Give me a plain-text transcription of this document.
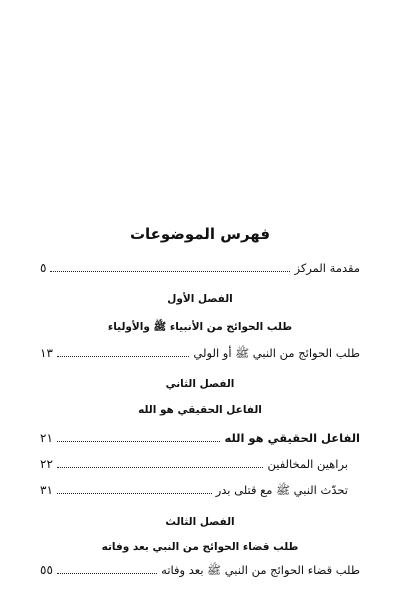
فهرس الموضوعات
مقدمة المركز
٥
الفصل الأول
طلب الحوائج من الأنبياء ﷺ والأولياء
طلب الحوائج من النبي ﷺ أو الولي
١٣
الفصل الثاني
الفاعل الحقيقي هو الله
الفاعل الحقيقي هو الله
٢١
براهين المخالفين
٢٢
تحدّث النبي ﷺ مع قتلى بدر
٣١
الفصل الثالث
طلب قضاء الحوائج من النبي بعد وفاته
طلب قضاء الحوائج من النبي ﷺ بعد وفاته
٥٥
